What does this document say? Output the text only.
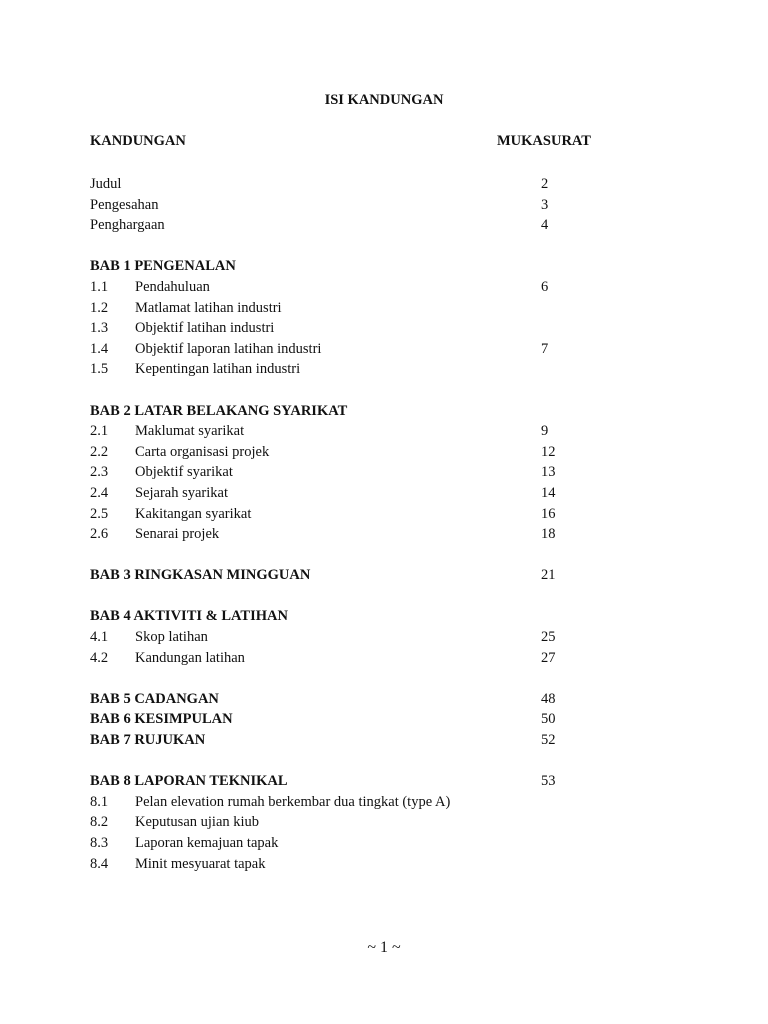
ISI KANDUNGAN
KANDUNGAN	MUKASURAT
Judul	2
Pengesahan	3
Penghargaan	4
BAB 1 PENGENALAN
1.1 Pendahuluan	6
1.2 Matlamat latihan industri
1.3 Objektif latihan industri
1.4 Objektif laporan latihan industri	7
1.5 Kepentingan latihan industri
BAB 2 LATAR BELAKANG SYARIKAT
2.1 Maklumat syarikat	9
2.2 Carta organisasi projek	12
2.3 Objektif syarikat	13
2.4 Sejarah syarikat	14
2.5 Kakitangan syarikat	16
2.6 Senarai projek	18
BAB 3 RINGKASAN MINGGUAN	21
BAB 4 AKTIVITI & LATIHAN
4.1 Skop latihan	25
4.2 Kandungan latihan	27
BAB 5 CADANGAN	48
BAB 6 KESIMPULAN	50
BAB 7 RUJUKAN	52
BAB 8 LAPORAN TEKNIKAL	53
8.1 Pelan elevation rumah berkembar dua tingkat (type A)
8.2 Keputusan ujian kiub
8.3 Laporan kemajuan tapak
8.4 Minit mesyuarat tapak
~ 1 ~
